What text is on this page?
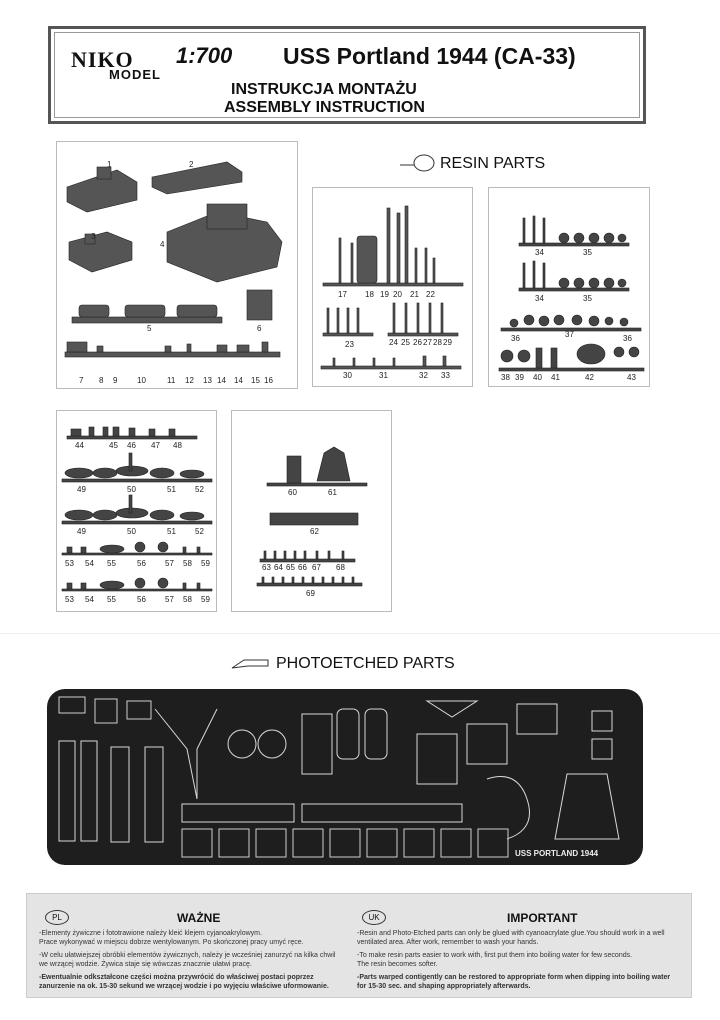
NIKO
MODEL
1:700 USS Portland 1944 (CA-33)
INSTRUKCJA MONTAŻU
ASSEMBLY INSTRUCTION
RESIN PARTS
1	2
3
4
5	6
7 8 9 10	11 12 13 14 14 15 16
17 18 19 20 21 22
23	24 25 26 27 28 29
30	31	32 33
34	35
34	35
36	37	36
38 39 40 41	42	43
44	45 46 47 48
49	50	51 52
49	50	51 52
53 54 55	56 57 58 59
53 54 55	56 57 58 59
60	61
62
63 64 65 66 67 68
69
PHOTOETCHED PARTS
USS PORTLAND 1944
PL	WAŻNE
-Elementy żywiczne i fototrawione należy kleić klejem cyjanoakrylowym.
Prace wykonywać w miejscu dobrze wentylowanym. Po skończonej pracy umyć ręce.
-W celu ułatwiejszej obróbki elementów żywicznych, należy je wcześniej zanurzyć na kilka chwil
we wrzącej wodzie. Żywica staje się wówczas znacznie ułatwi pracę.
-Ewentualnie odkształcone części można przywrócić do właściwej postaci poprzez
zanurzenie na ok. 15-30 sekund we wrzącej wodzie i po wyjęciu właściwe uformowanie.
UK	IMPORTANT
-Resin and Photo-Etched parts can only be glued with cyanoacrylate glue.You should work in a well
ventilated area. After work, remember to wash your hands.
-To make resin parts easier to work with, first put them into boiling water for few seconds.
The resin becomes softer.
-Parts warped contigently can be restored to appropriate form when dipping into boiling water
for 15-30 sec. and shaping appropriately afterwards.
